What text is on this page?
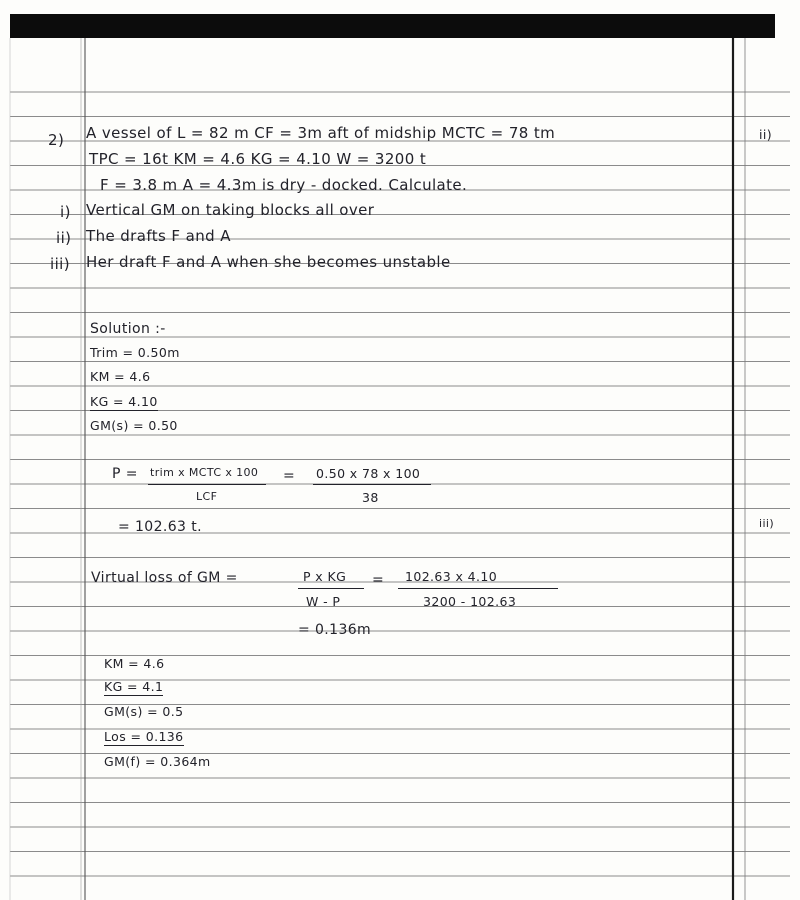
2) A vessel of L = 82 m CF = 3m aft of midship MCTC = 78 tm
TPC = 16t KM = 4.6 KG = 4.10 W = 3200 t
F = 3.8 m A = 4.3m is dry - docked. Calculate.
i) Vertical GM on taking blocks all over
ii) The drafts F and A
iii) Her draft F and A when she becomes unstable
Solution :-
Trim = 0.50m
KM = 4.6
KG = 4.10
GM(s) = 0.50
P = trim x MCTC x 100
LCF
= 0.50 x 78 x 100
38
= 102.63 t.
Virtual loss of GM =	P x KG
W - P
= 102.63 x 4.10
3200 - 102.63
= 0.136m
KM = 4.6
KG = 4.1
GM(s) = 0.5
Los = 0.136
GM(f) = 0.364m
ii)
iii)
